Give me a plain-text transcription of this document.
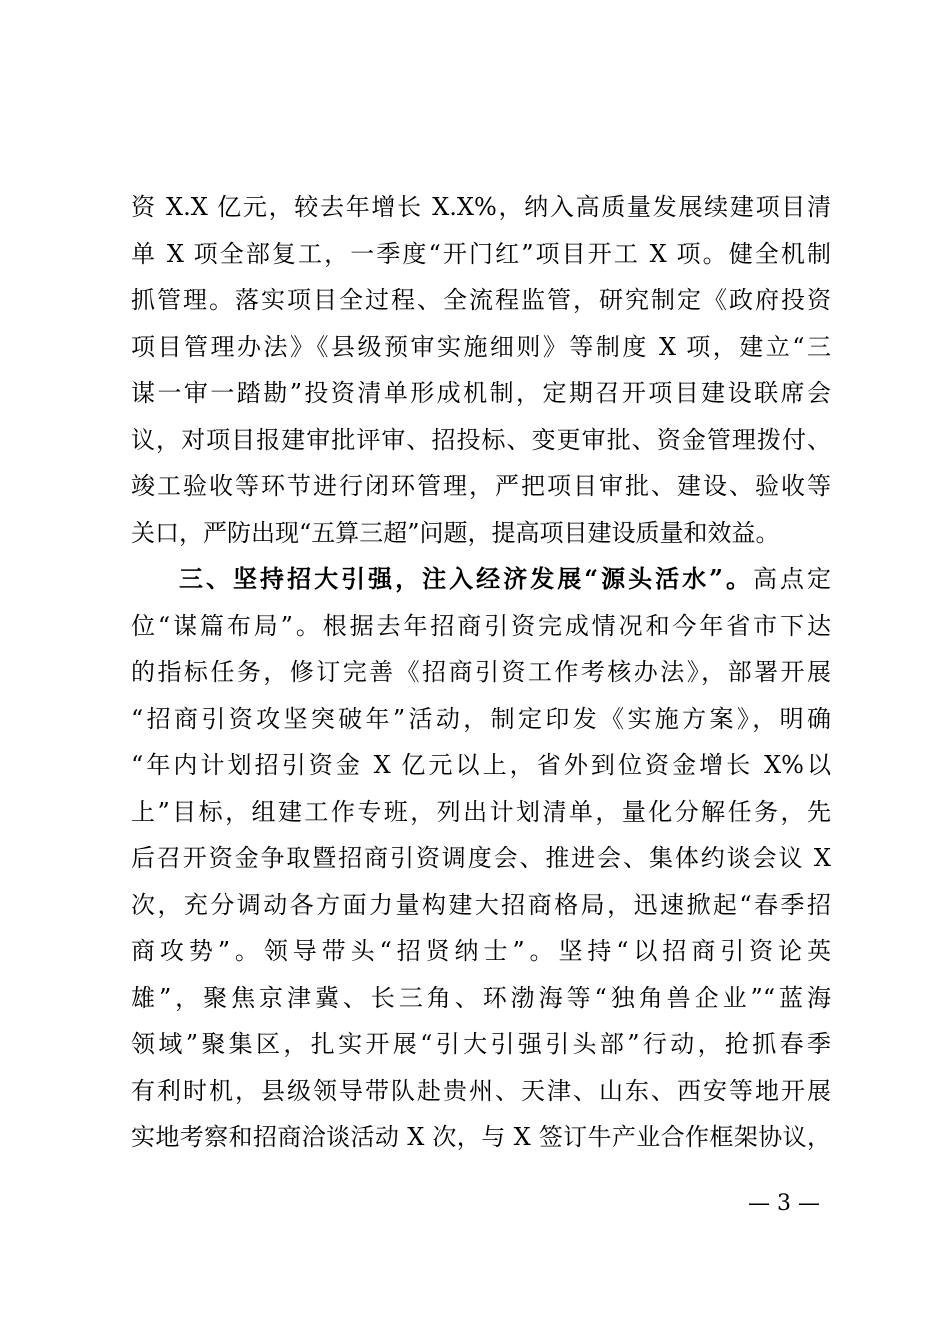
资 X.X 亿元，较去年增长 X.X%，纳入高质量发展续建项目清
单 X 项全部复工，一季度“开门红”项目开工 X 项。健全机制
抓管理。落实项目全过程、全流程监管，研究制定《政府投资
项目管理办法》《县级预审实施细则》等制度 X 项，建立“三
谋一审一踏勘”投资清单形成机制，定期召开项目建设联席会
议，对项目报建审批评审、招投标、变更审批、资金管理拨付、
竣工验收等环节进行闭环管理，严把项目审批、建设、验收等
关口，严防出现“五算三超”问题，提高项目建设质量和效益。
三、坚持招大引强，注入经济发展“源头活水”。高点定
位“谋篇布局”。根据去年招商引资完成情况和今年省市下达
的指标任务，修订完善《招商引资工作考核办法》，部署开展
“招商引资攻坚突破年”活动，制定印发《实施方案》，明确
“年内计划招引资金 X 亿元以上，省外到位资金增长 X%以
上”目标，组建工作专班，列出计划清单，量化分解任务，先
后召开资金争取暨招商引资调度会、推进会、集体约谈会议 X
次，充分调动各方面力量构建大招商格局，迅速掀起“春季招
商攻势”。领导带头“招贤纳士”。坚持“以招商引资论英
雄”，聚焦京津冀、长三角、环渤海等“独角兽企业”“蓝海
领域”聚集区，扎实开展“引大引强引头部”行动，抢抓春季
有利时机，县级领导带队赴贵州、天津、山东、西安等地开展
实地考察和招商洽谈活动 X 次，与 X 签订牛产业合作框架协议，
— 3 —
